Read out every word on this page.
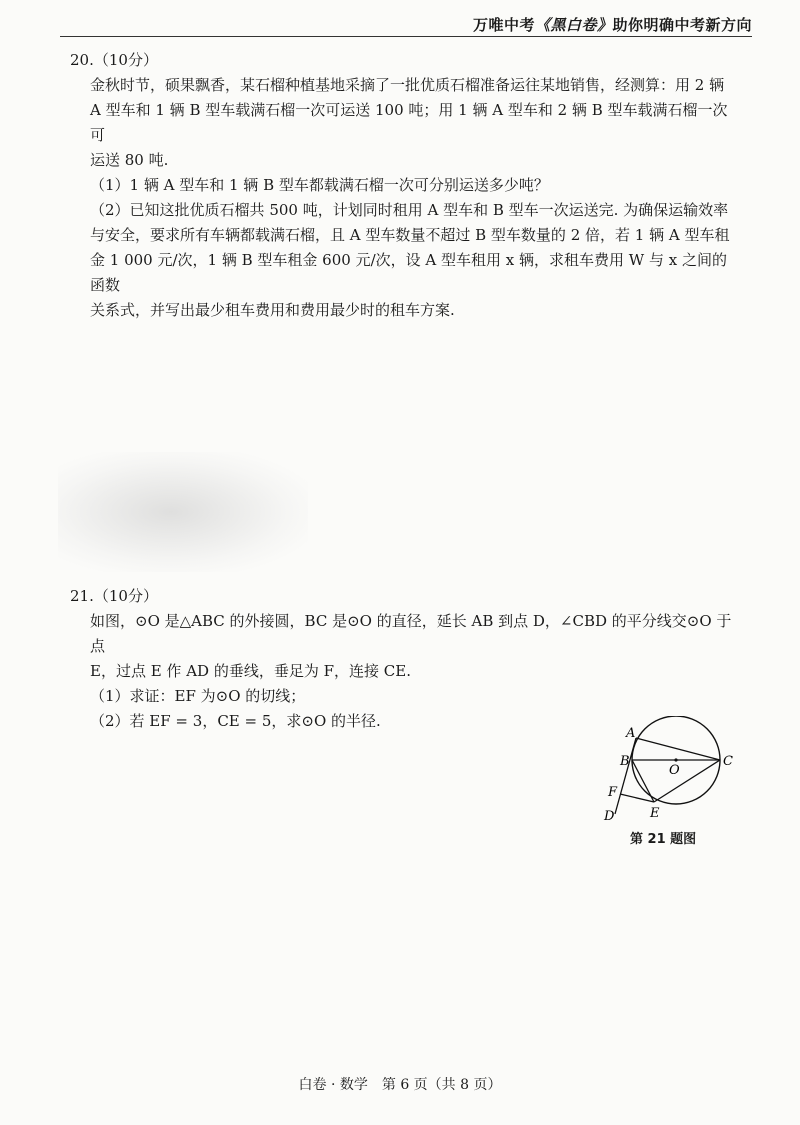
万唯中考《黑白卷》助你明确中考新方向

20.（10分）

金秋时节，硕果飘香，某石榴种植基地采摘了一批优质石榴准备运往某地销售，经测算：用 2 辆

A 型车和 1 辆 B 型车载满石榴一次可运送 100 吨；用 1 辆 A 型车和 2 辆 B 型车载满石榴一次可

运送 80 吨.

（1）1 辆 A 型车和 1 辆 B 型车都载满石榴一次可分别运送多少吨？

（2）已知这批优质石榴共 500 吨，计划同时租用 A 型车和 B 型车一次运送完. 为确保运输效率

与安全，要求所有车辆都载满石榴，且 A 型车数量不超过 B 型车数量的 2 倍，若 1 辆 A 型车租

金 1 000 元/次，1 辆 B 型车租金 600 元/次，设 A 型车租用 x 辆，求租车费用 W 与 x 之间的函数

关系式，并写出最少租车费用和费用最少时的租车方案.

21.（10分）

如图，⊙O 是△ABC 的外接圆，BC 是⊙O 的直径，延长 AB 到点 D，∠CBD 的平分线交⊙O 于点

E，过点 E 作 AD 的垂线，垂足为 F，连接 CE.

（1）求证：EF 为⊙O 的切线；

（2）若 EF = 3，CE = 5，求⊙O 的半径.

A
B	C
O
F
E
D
第 21 题图
白卷 · 数学　第 6 页（共 8 页）
